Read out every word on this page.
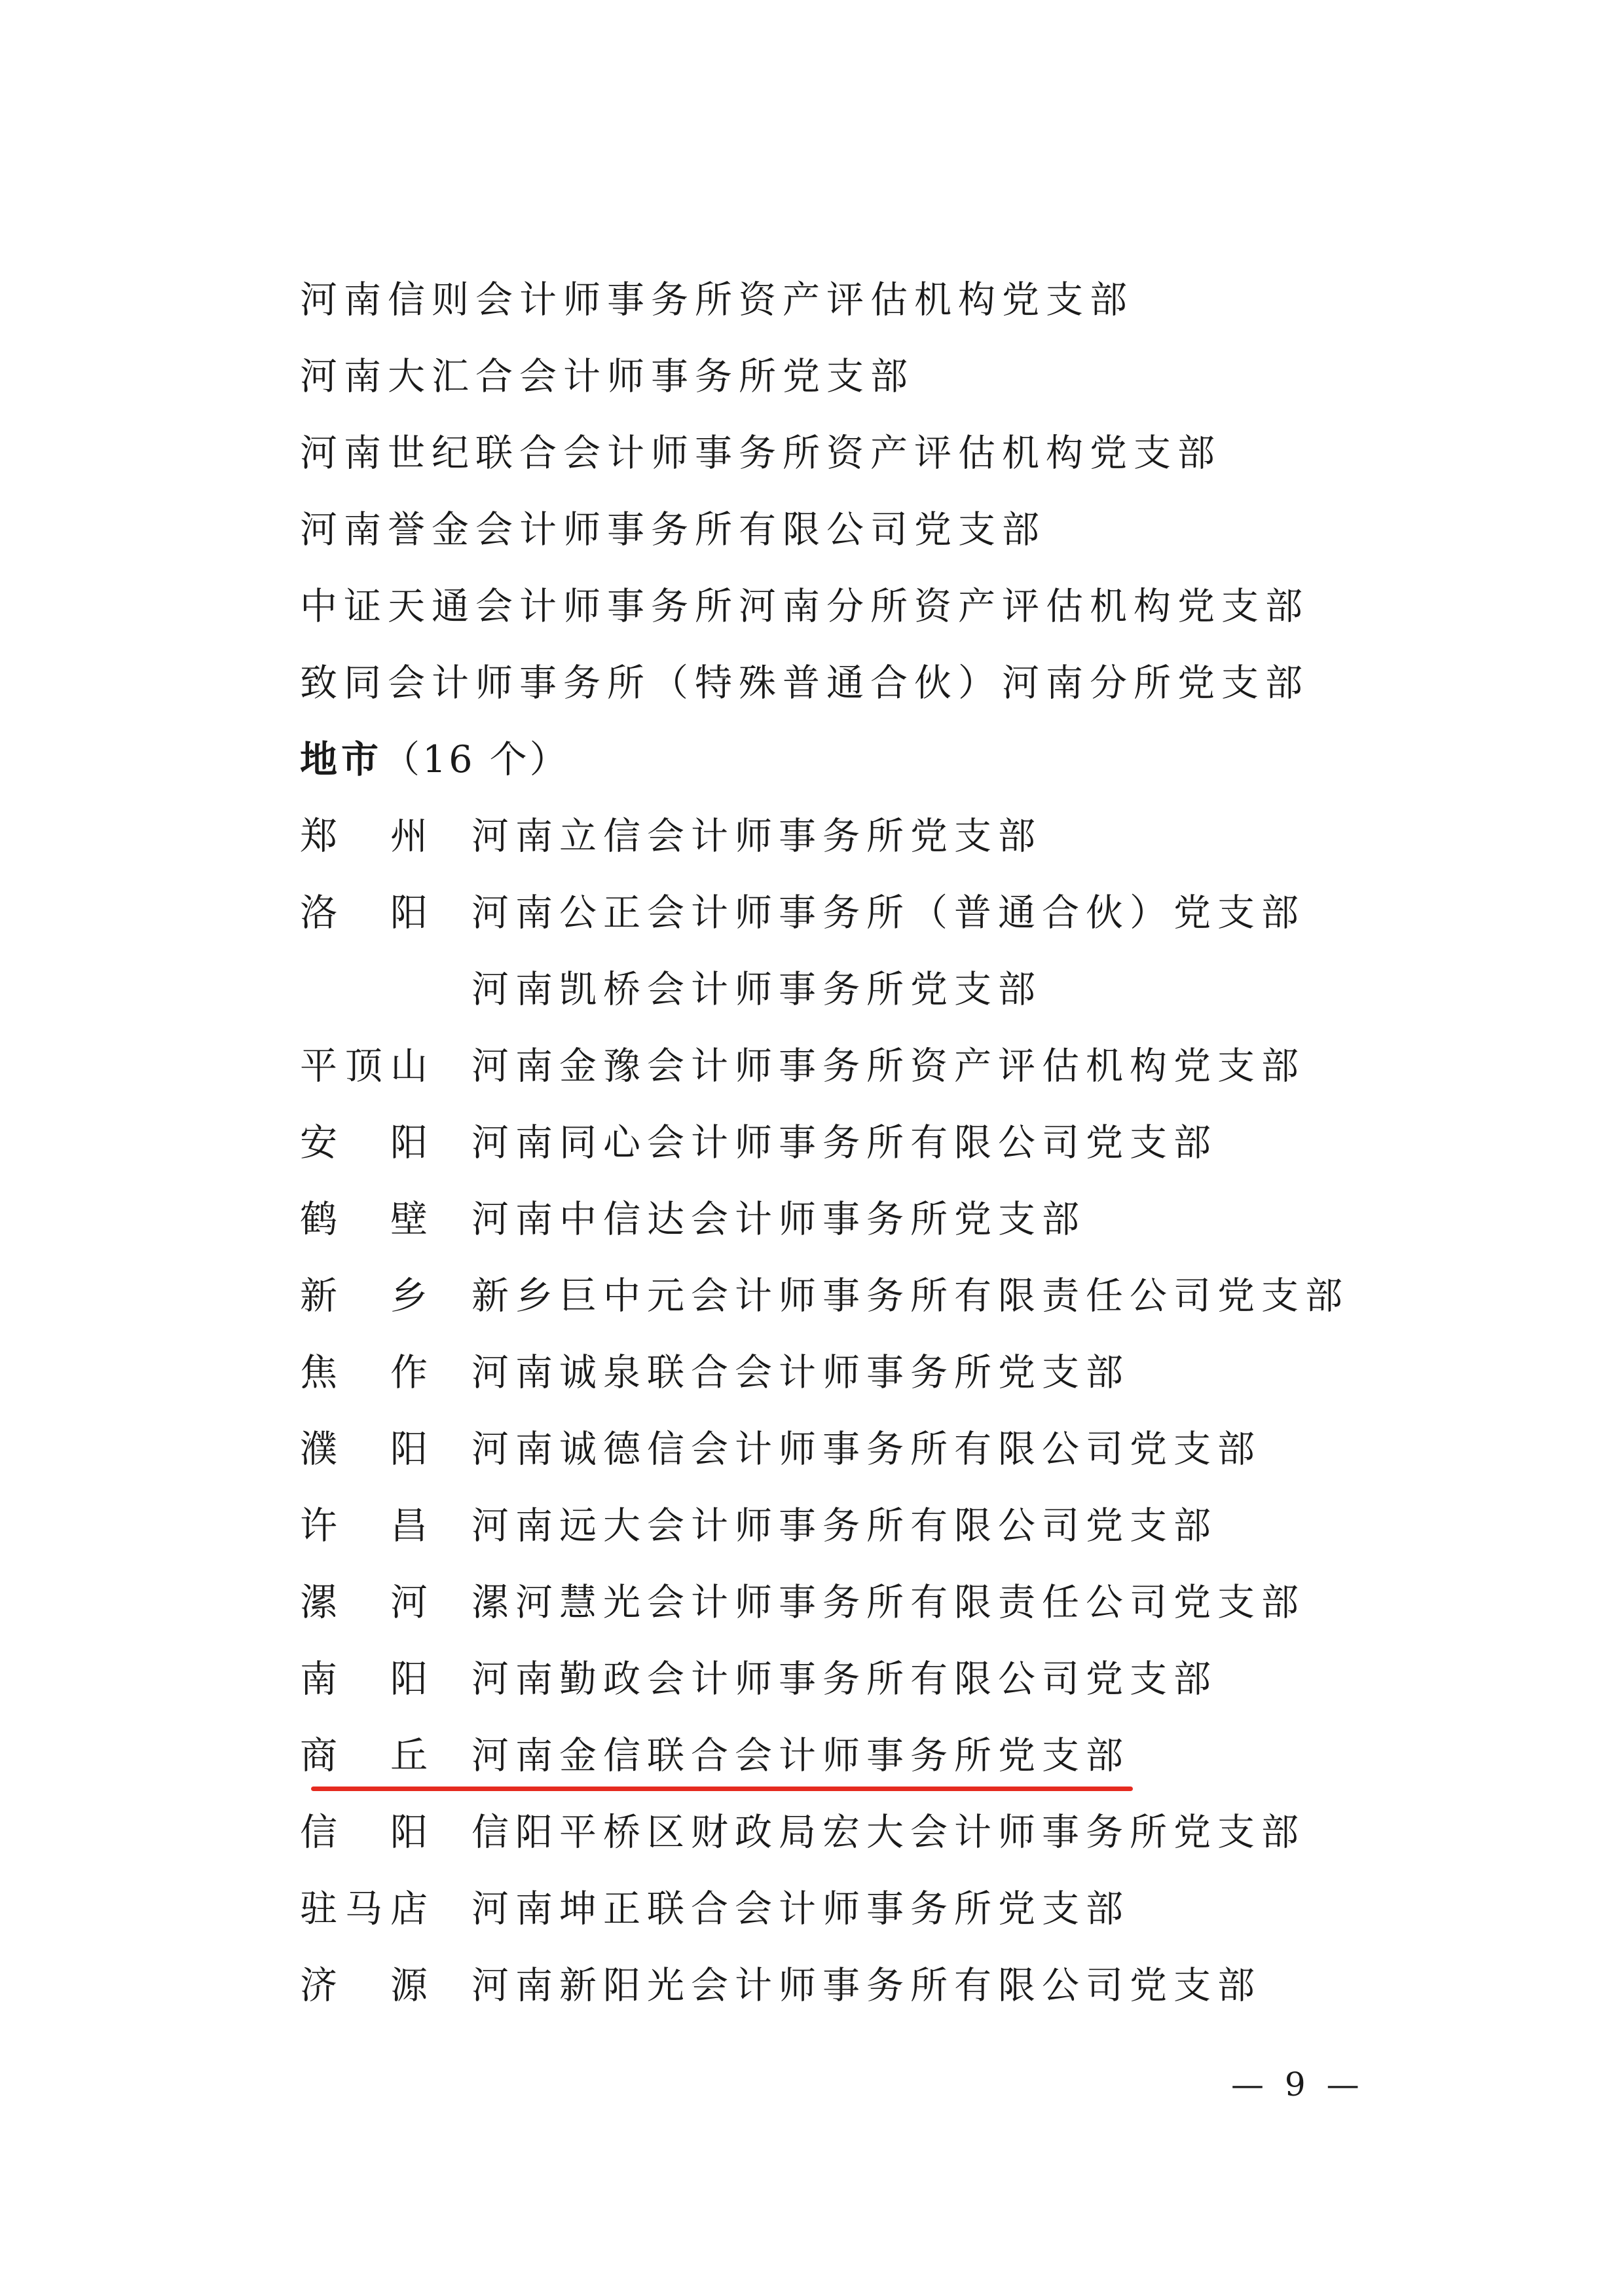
河南信则会计师事务所资产评估机构党支部
河南大汇合会计师事务所党支部
河南世纪联合会计师事务所资产评估机构党支部
河南誉金会计师事务所有限公司党支部
中证天通会计师事务所河南分所资产评估机构党支部
致同会计师事务所（特殊普通合伙）河南分所党支部
地市（16 个）
郑 州 河南立信会计师事务所党支部
洛 阳 河南公正会计师事务所（普通合伙）党支部
河南凯桥会计师事务所党支部
平 顶 山 河南金豫会计师事务所资产评估机构党支部
安 阳 河南同心会计师事务所有限公司党支部
鹤 壁 河南中信达会计师事务所党支部
新 乡 新乡巨中元会计师事务所有限责任公司党支部
焦 作 河南诚泉联合会计师事务所党支部
濮 阳 河南诚德信会计师事务所有限公司党支部
许 昌 河南远大会计师事务所有限公司党支部
漯 河 漯河慧光会计师事务所有限责任公司党支部
南 阳 河南勤政会计师事务所有限公司党支部
商 丘 河南金信联合会计师事务所党支部
信 阳 信阳平桥区财政局宏大会计师事务所党支部
驻 马 店 河南坤正联合会计师事务所党支部
济 源 河南新阳光会计师事务所有限公司党支部
— 9 —
